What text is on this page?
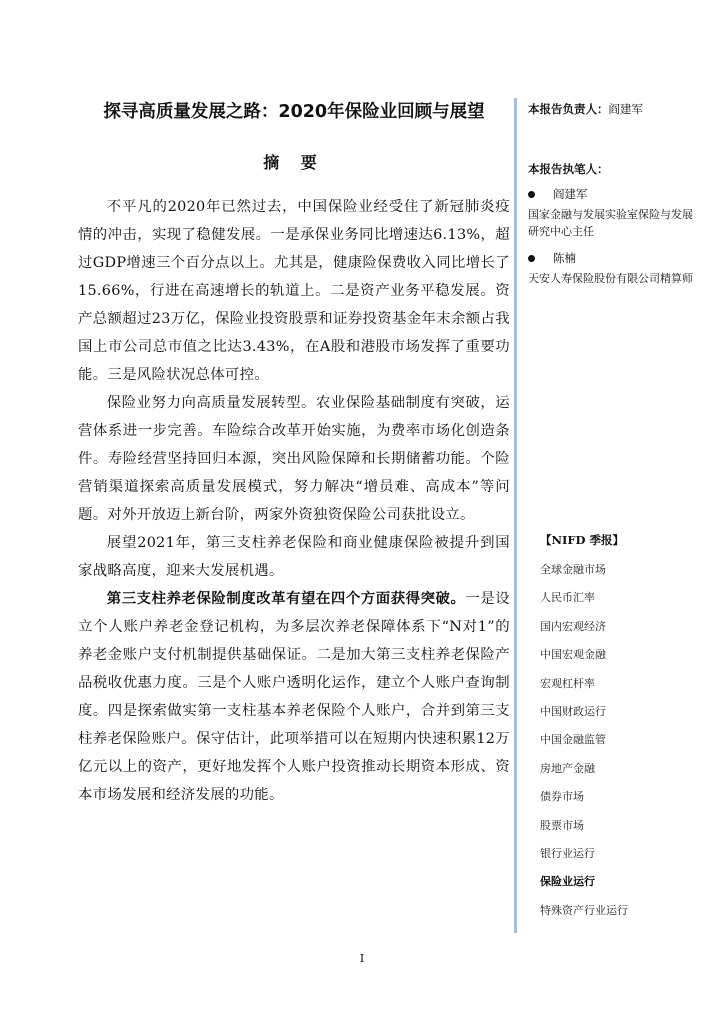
探寻高质量发展之路：2020年保险业回顾与展望
摘 要

不平凡的2020年已然过去，中国保险业经受住了新冠肺炎疫情的冲击，实现了稳健发展。一是承保业务同比增速达6.13%，超过GDP增速三个百分点以上。尤其是，健康险保费收入同比增长了15.66%，行进在高速增长的轨道上。二是资产业务平稳发展。资产总额超过23万亿，保险业投资股票和证券投资基金年末余额占我国上市公司总市值之比达3.43%，在A股和港股市场发挥了重要功能。三是风险状况总体可控。

保险业努力向高质量发展转型。农业保险基础制度有突破，运营体系进一步完善。车险综合改革开始实施，为费率市场化创造条件。寿险经营坚持回归本源，突出风险保障和长期储蓄功能。个险营销渠道探索高质量发展模式，努力解决“增员难、高成本”等问题。对外开放迈上新台阶，两家外资独资保险公司获批设立。

展望2021年，第三支柱养老保险和商业健康保险被提升到国家战略高度，迎来大发展机遇。

第三支柱养老保险制度改革有望在四个方面获得突破。一是设立个人账户养老金登记机构，为多层次养老保障体系下“N对1”的养老金账户支付机制提供基础保证。二是加大第三支柱养老保险产品税收优惠力度。三是个人账户透明化运作，建立个人账户查询制度。四是探索做实第一支柱基本养老保险个人账户，合并到第三支柱养老保险账户。保守估计，此项举措可以在短期内快速积累12万亿元以上的资产，更好地发挥个人账户投资推动长期资本形成、资本市场发展和经济发展的功能。

本报告负责人：阎建军
本报告执笔人：
阎建军
国家金融与发展实验室保险与发展研究中心主任
陈楠
天安人寿保险股份有限公司精算师
【NIFD 季报】
全球金融市场
人民币汇率
国内宏观经济
中国宏观金融
宏观杠杆率
中国财政运行
中国金融监管
房地产金融
债券市场
股票市场
银行业运行
保险业运行
特殊资产行业运行
I
